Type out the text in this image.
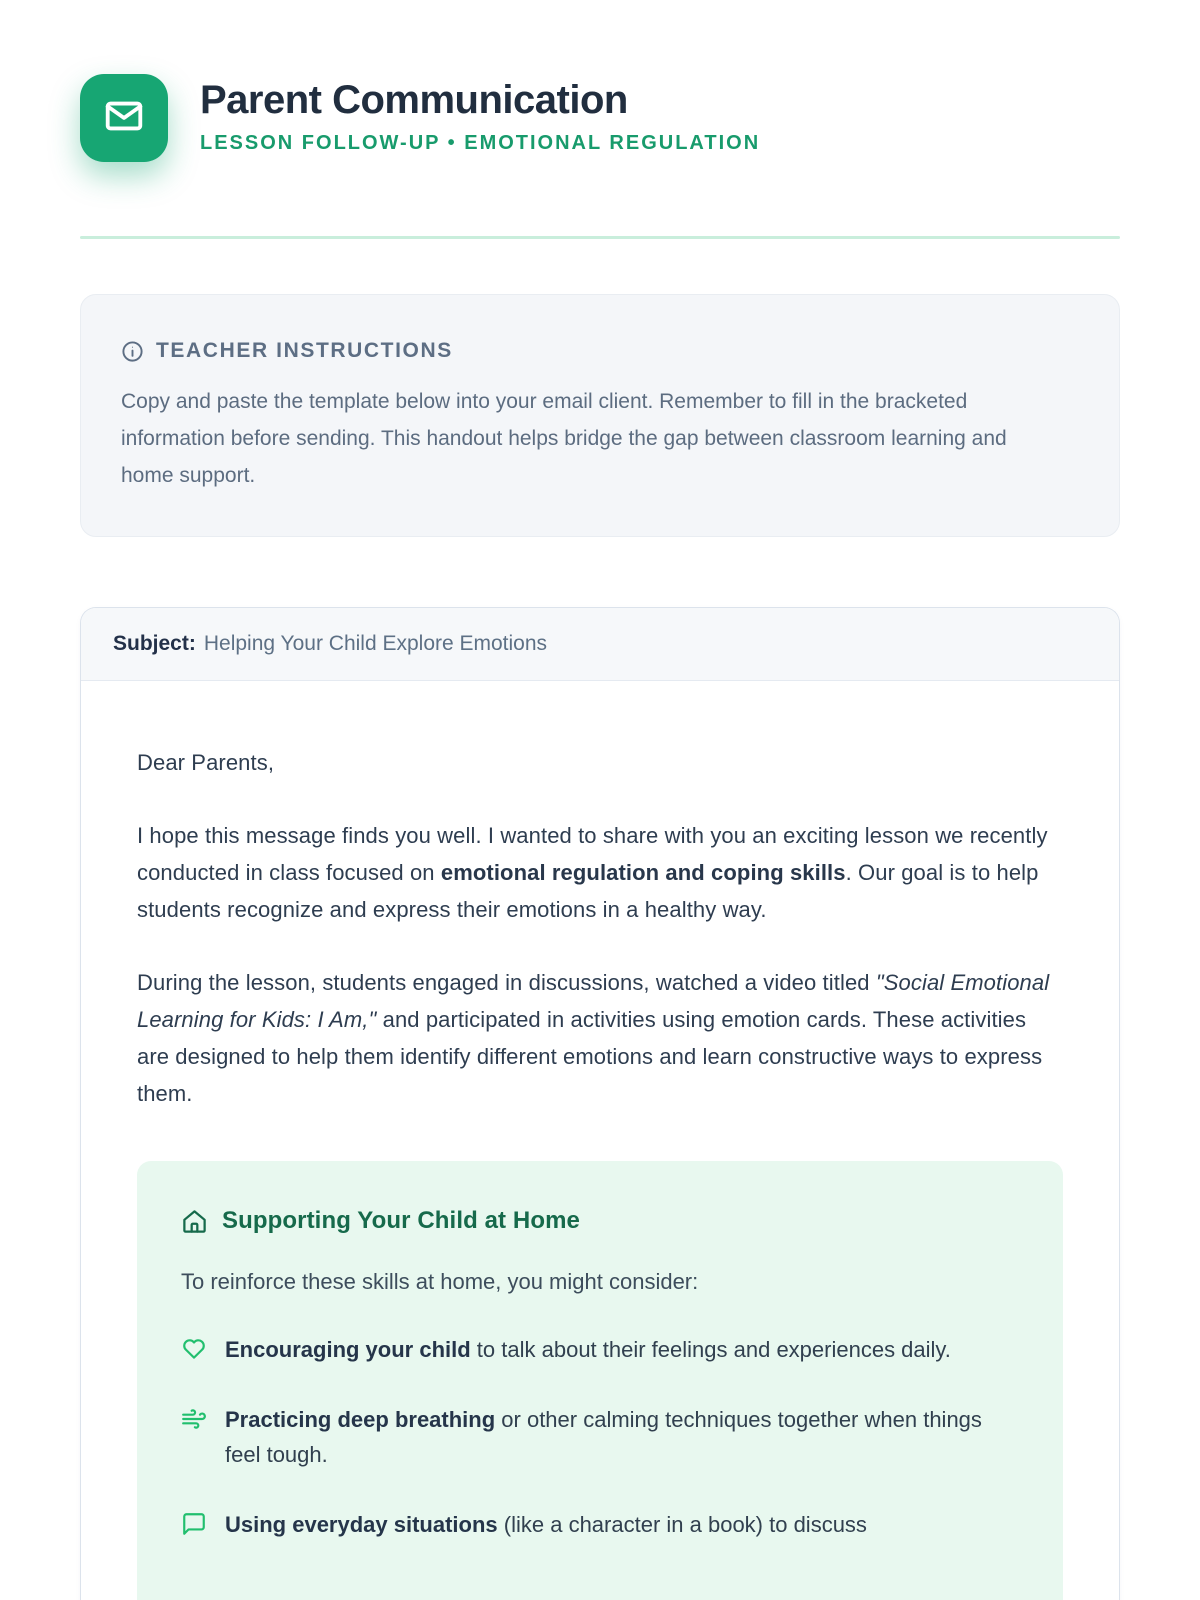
Parent Communication
LESSON FOLLOW-UP • EMOTIONAL REGULATION
TEACHER INSTRUCTIONS
Copy and paste the template below into your email client. Remember to fill in the bracketed information before sending. This handout helps bridge the gap between classroom learning and home support.
Subject: Helping Your Child Explore Emotions

Dear Parents,

I hope this message finds you well. I wanted to share with you an exciting lesson we recently conducted in class focused on emotional regulation and coping skills. Our goal is to help students recognize and express their emotions in a healthy way.

During the lesson, students engaged in discussions, watched a video titled "Social Emotional Learning for Kids: I Am," and participated in activities using emotion cards. These activities are designed to help them identify different emotions and learn constructive ways to express them.

Supporting Your Child at Home
To reinforce these skills at home, you might consider:
Encouraging your child to talk about their feelings and experiences daily.
Practicing deep breathing or other calming techniques together when things feel tough.
Using everyday situations (like a character in a book) to discuss
